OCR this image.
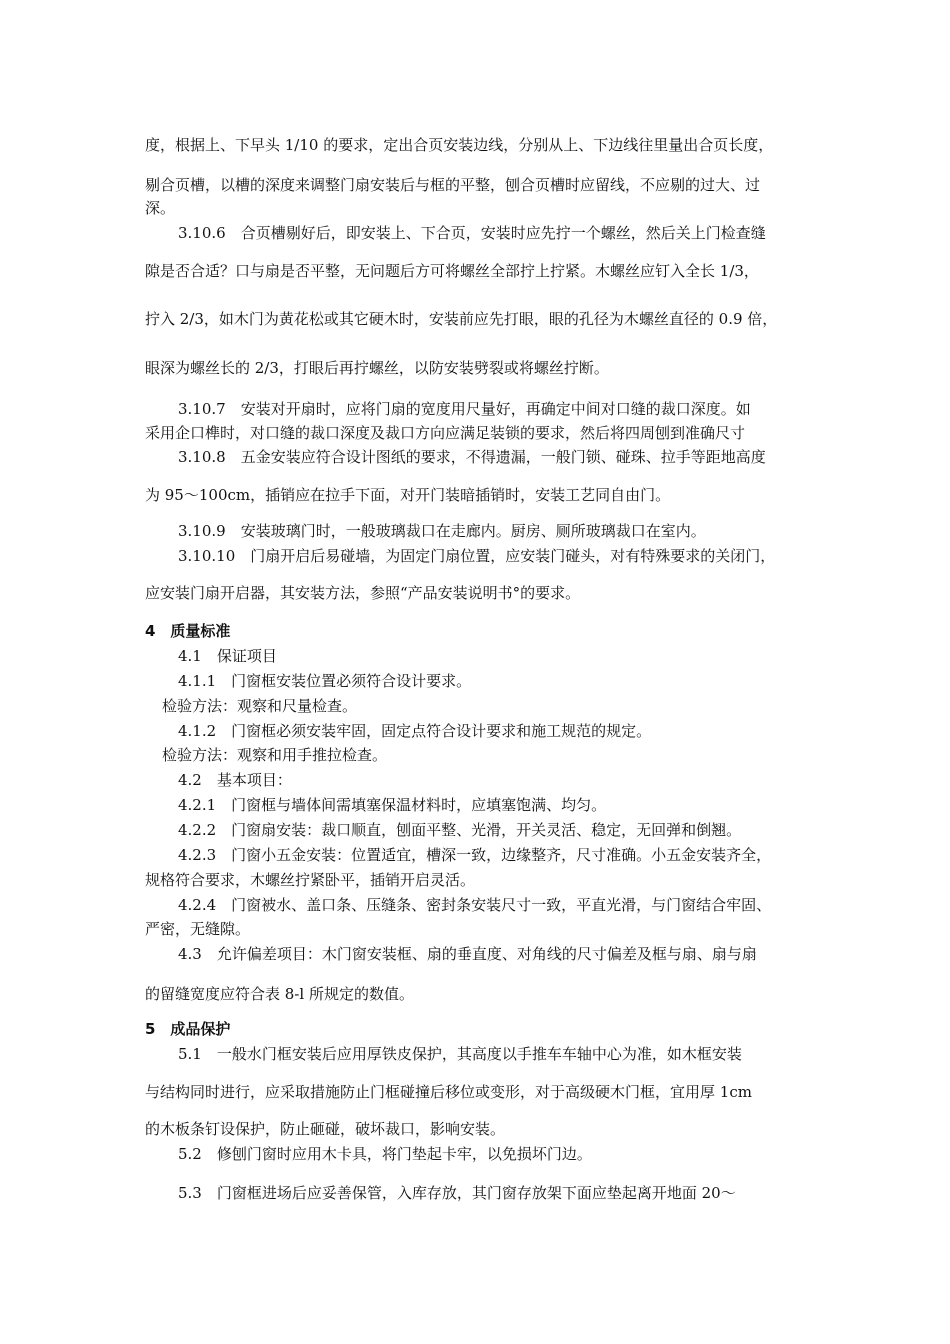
度，根据上、下早头 1/10 的要求，定出合页安装边线，分别从上、下边线往里量出合页长度，

剔合页槽，以槽的深度来调整门扇安装后与框的平整，刨合页槽时应留线，不应剔的过大、过

深。

3.10.6　合页槽剔好后，即安装上、下合页，安装时应先拧一个螺丝，然后关上门检查缝

隙是否合适？口与扇是否平整，无问题后方可将螺丝全部拧上拧紧。木螺丝应钉入全长 1/3，

拧入 2/3，如木门为黄花松或其它硬木时，安装前应先打眼，眼的孔径为木螺丝直径的 0.9 倍，

眼深为螺丝长的 2/3，打眼后再拧螺丝，以防安装劈裂或将螺丝拧断。

3.10.7　安装对开扇时，应将门扇的宽度用尺量好，再确定中间对口缝的裁口深度。如

采用企口榫时，对口缝的裁口深度及裁口方向应满足装锁的要求，然后将四周刨到准确尺寸

3.10.8　五金安装应符合设计图纸的要求，不得遗漏，一般门锁、碰珠、拉手等距地高度

为 95～100cm，插销应在拉手下面，对开门装暗插销时，安装工艺同自由门。

3.10.9　安装玻璃门时，一般玻璃裁口在走廊内。厨房、厕所玻璃裁口在室内。

3.10.10　门扇开启后易碰墙，为固定门扇位置，应安装门碰头，对有特殊要求的关闭门，

应安装门扇开启器，其安装方法，参照“产品安装说明书°的要求。

4　质量标准

4.1　保证项目

4.1.1　门窗框安装位置必须符合设计要求。

检验方法：观察和尺量检查。

4.1.2　门窗框必须安装牢固，固定点符合设计要求和施工规范的规定。

检验方法：观察和用手推拉检查。

4.2　基本项目：

4.2.1　门窗框与墙体间需填塞保温材料时，应填塞饱满、均匀。

4.2.2　门窗扇安装：裁口顺直，刨面平整、光滑，开关灵活、稳定，无回弹和倒翘。

4.2.3　门窗小五金安装：位置适宜，槽深一致，边缘整齐，尺寸准确。小五金安装齐全，

规格符合要求，木螺丝拧紧卧平，插销开启灵活。

4.2.4　门窗被水、盖口条、压缝条、密封条安装尺寸一致，平直光滑，与门窗结合牢固、

严密，无缝隙。

4.3　允许偏差项目：木门窗安装框、扇的垂直度、对角线的尺寸偏差及框与扇、扇与扇

的留缝宽度应符合表 8-l 所规定的数值。

5　成品保护

5.1　一般水门框安装后应用厚铁皮保护，其高度以手推车车轴中心为准，如木框安装

与结构同时进行，应采取措施防止门框碰撞后移位或变形，对于高级硬木门框，宜用厚 1cm

的木板条钉设保护，防止砸碰，破坏裁口，影响安装。

5.2　修刨门窗时应用木卡具，将门垫起卡牢，以免损坏门边。

5.3　门窗框进场后应妥善保管，入库存放，其门窗存放架下面应垫起离开地面 20～
